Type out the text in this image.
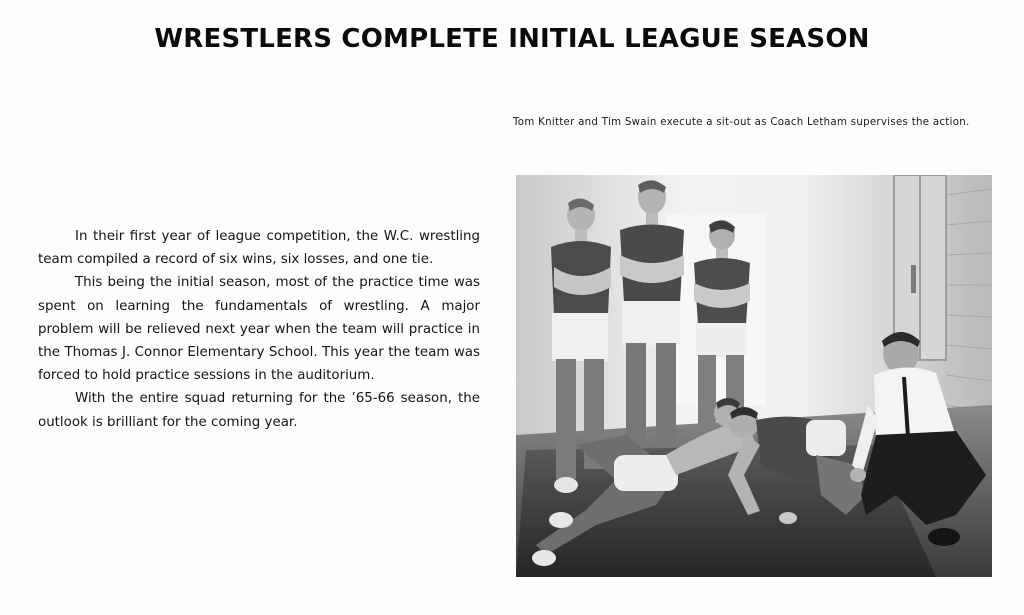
WRESTLERS COMPLETE INITIAL LEAGUE SEASON
Tom Knitter and Tim Swain execute a sit-out as Coach Letham supervises the action.

In their first year of league competition, the W.C. wrestling team compiled a record of six wins, six losses, and one tie.

This being the initial season, most of the practice time was spent on learning the fundamentals of wrestling. A major problem will be relieved next year when the team will practice in the Thomas J. Connor Elementary School. This year the team was forced to hold practice sessions in the auditorium.

With the entire squad returning for the ’65-66 season, the outlook is brilliant for the coming year.
